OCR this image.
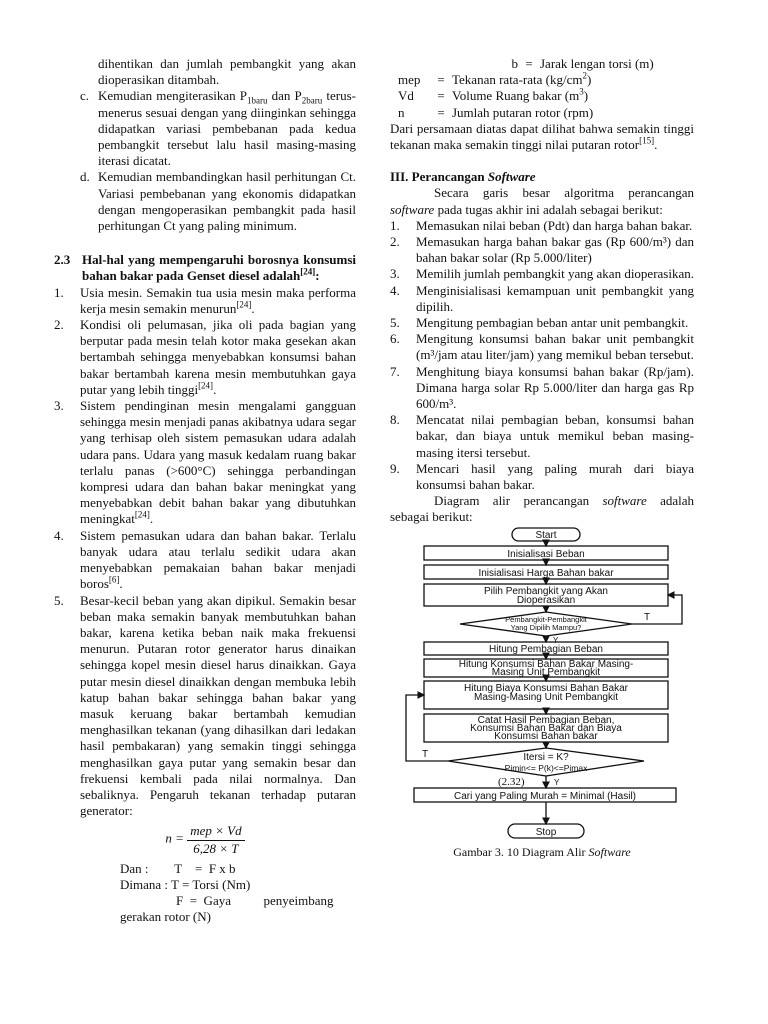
dihentikan dan jumlah pembangkit yang akan dioperasikan ditambah.

c. Kemudian mengiterasikan $P_{1baru}$ dan $P_{2baru}$ terus-menerus sesuai dengan yang diinginkan sehingga didapatkan variasi pembebanan pada kedua pembangkit tersebut lalu hasil masing-masing iterasi dicatat.
d. Kemudian membandingkan hasil perhitungan Ct. Variasi pembebanan yang ekonomis didapatkan dengan mengoperasikan pembangkit pada hasil perhitungan Ct yang paling minimum.
2.3 Hal-hal yang mempengaruhi borosnya konsumsi bahan bakar pada Genset diesel adalah[24]:
1.	Usia mesin. Semakin tua usia mesin maka performa kerja mesin semakin menurun[24].
2.	Kondisi oli pelumasan, jika oli pada bagian yang berputar pada mesin telah kotor maka gesekan akan bertambah sehingga menyebabkan konsumsi bahan bakar bertambah karena mesin membutuhkan gaya putar yang lebih tinggi[24].
3.	Sistem pendinginan mesin mengalami gangguan sehingga mesin menjadi panas akibatnya udara segar yang terhisap oleh sistem pemasukan udara adalah udara pans. Udara yang masuk kedalam ruang bakar terlalu panas (>600°C) sehingga perbandingan kompresi udara dan bahan bakar meningkat yang menyebabkan debit bahan bakar yang dibutuhkan meningkat[24].
4.	Sistem pemasukan udara dan bahan bakar. Terlalu banyak udara atau terlalu sedikit udara akan menyebabkan pemakaian bahan bakar menjadi boros[6].
5.	Besar-kecil beban yang akan dipikul. Semakin besar beban maka semakin banyak membutuhkan bahan bakar, karena ketika beban naik maka frekuensi menurun. Putaran rotor generator harus dinaikan sehingga kopel mesin diesel harus dinaikkan. Gaya putar mesin diesel dinaikkan dengan membuka lebih katup bahan bakar sehingga bahan bakar yang masuk keruang bakar bertambah kemudian menghasilkan tekanan (yang dihasilkan dari ledakan hasil pembakaran) yang semakin tinggi sehingga menghasilkan gaya putar yang semakin besar dan frekuensi kembali pada nilai normalnya. Dan sebaliknya. Pengaruh tekanan terhadap putaran generator:
$n = \frac{\text{mep × Vd}}{6,28 \times T}$

Dan :        T    =  F x b

Dimana : T = Torsi (Nm)

F  =  Gaya          penyeimbang

gerakan rotor (N)

b = Jarak lengan torsi (m)
mep	= Tekanan rata-rata $(kg/cm^2)$
Vd	= Volume Ruang bakar $(m^3)$
n	= Jumlah putaran rotor (rpm)

Dari persamaan diatas dapat dilihat bahwa semakin tinggi tekanan maka semakin tinggi nilai putaran rotor[15].

III. Perancangan Software

Secara garis besar algoritma perancangan software pada tugas akhir ini adalah sebagai berikut:

1.	Memasukan nilai beban (Pdt) dan harga bahan bakar.
2.	Memasukan harga bahan bakar gas (Rp 600/m³) dan bahan bakar solar (Rp 5.000/liter)
3.	Memilih jumlah pembangkit yang akan dioperasikan.
4.	Menginisialisasi kemampuan unit pembangkit yang dipilih.
5.	Mengitung pembagian beban antar unit pembangkit.
6.	Mengitung konsumsi bahan bakar unit pembangkit (m³/jam atau liter/jam) yang memikul beban tersebut.
7.	Menghitung biaya konsumsi bahan bakar (Rp/jam). Dimana harga solar Rp 5.000/liter dan harga gas Rp 600/m³.
8.	Mencatat nilai pembagian beban, konsumsi bahan bakar, dan biaya untuk memikul beban masing-masing itersi tersebut.
9.	Mencari hasil yang paling murah dari biaya konsumsi bahan bakar.

Diagram alir perancangan software adalah sebagai berikut:

Start
Inisialisasi Beban
Inisialisasi Harga Bahan bakar
Pilih Pembangkit yang Akan
Dioperasikan
Pembangkit-Pembangkit
Yang Dipilih Mampu?
T
Y
Hitung Pembagian Beban
Hitung Konsumsi Bahan Bakar Masing-
Masing Unit Pembangkit
Hitung Biaya Konsumsi Bahan Bakar
Masing-Masing Unit Pembangkit
Catat Hasil Pembagian Beban,
Konsumsi Bahan Bakar dan Biaya
Konsumsi Bahan bakar
Itersi = K?
Pimin<= P(k)<=Pimax
T
Y
(2.32)
Cari yang Paling Murah = Minimal (Hasil)
Stop

Gambar 3. 10 Diagram Alir Software
